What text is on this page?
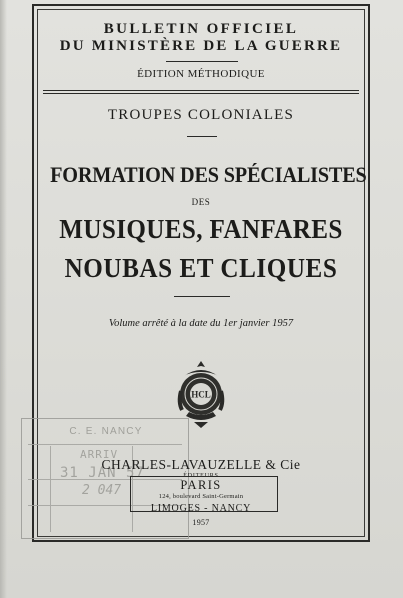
BULLETIN OFFICIEL
DU MINISTÈRE DE LA GUERRE
ÉDITION MÉTHODIQUE
TROUPES COLONIALES
FORMATION DES SPÉCIALISTES
DES
MUSIQUES, FANFARES
NOUBAS ET CLIQUES
Volume arrêté à la date du 1er janvier 1957
HCL
C. E. NANCY
ARRIV
31 JAN 57
2 047
CHARLES-LAVAUZELLE & Cie
ÉDITEURS
PARIS
124, boulevard Saint-Germain
LIMOGES - NANCY
1957
